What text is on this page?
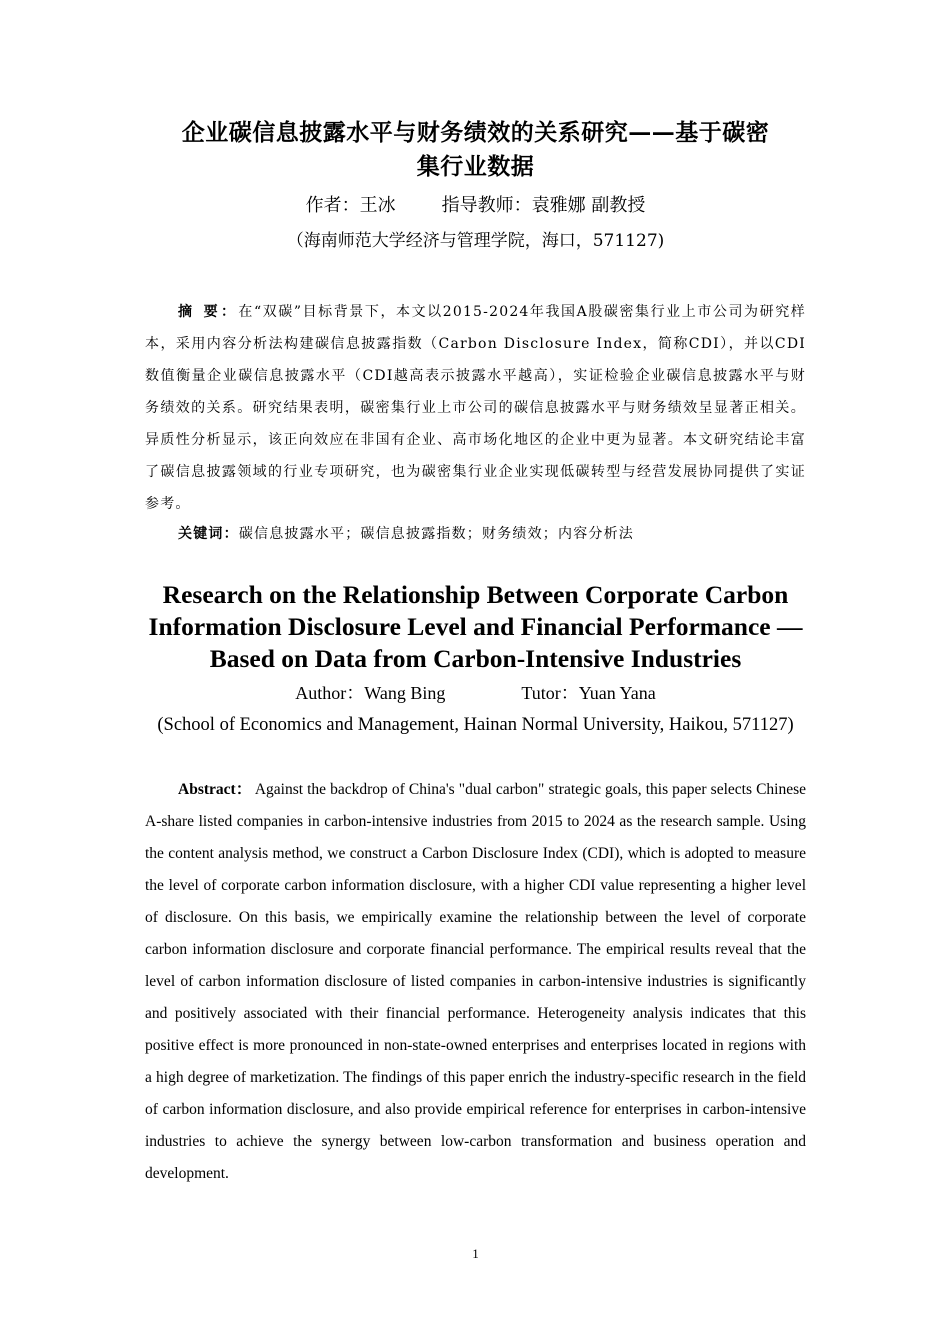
企业碳信息披露水平与财务绩效的关系研究——基于碳密
集行业数据
作者：王冰	指导教师：袁雅娜 副教授
（海南师范大学经济与管理学院，海口，571127)

摘 要：在“双碳”目标背景下，本文以2015-2024年我国A股碳密集行业上市公司为研究样本，采用内容分析法构建碳信息披露指数（Carbon Disclosure Index，简称CDI），并以CDI数值衡量企业碳信息披露水平（CDI越高表示披露水平越高），实证检验企业碳信息披露水平与财务绩效的关系。研究结果表明，碳密集行业上市公司的碳信息披露水平与财务绩效呈显著正相关。异质性分析显示，该正向效应在非国有企业、高市场化地区的企业中更为显著。本文研究结论丰富了碳信息披露领域的行业专项研究，也为碳密集行业企业实现低碳转型与经营发展协同提供了实证参考。

关键词：碳信息披露水平；碳信息披露指数；财务绩效；内容分析法

Research on the Relationship Between Corporate Carbon
Information Disclosure Level and Financial Performance —
Based on Data from Carbon-Intensive Industries
Author：Wang Bing	Tutor：Yuan Yana
(School of Economics and Management, Hainan Normal University, Haikou, 571127)

Abstract： Against the backdrop of China's "dual carbon" strategic goals, this paper selects Chinese A-share listed companies in carbon-intensive industries from 2015 to 2024 as the research sample. Using the content analysis method, we construct a Carbon Disclosure Index (CDI), which is adopted to measure the level of corporate carbon information disclosure, with a higher CDI value representing a higher level of disclosure. On this basis, we empirically examine the relationship between the level of corporate carbon information disclosure and corporate financial performance. The empirical results reveal that the level of carbon information disclosure of listed companies in carbon-intensive industries is significantly and positively associated with their financial performance. Heterogeneity analysis indicates that this positive effect is more pronounced in non-state-owned enterprises and enterprises located in regions with a high degree of marketization. The findings of this paper enrich the industry-specific research in the field of carbon information disclosure, and also provide empirical reference for enterprises in carbon-intensive industries to achieve the synergy between low-carbon transformation and business operation and development.

1
